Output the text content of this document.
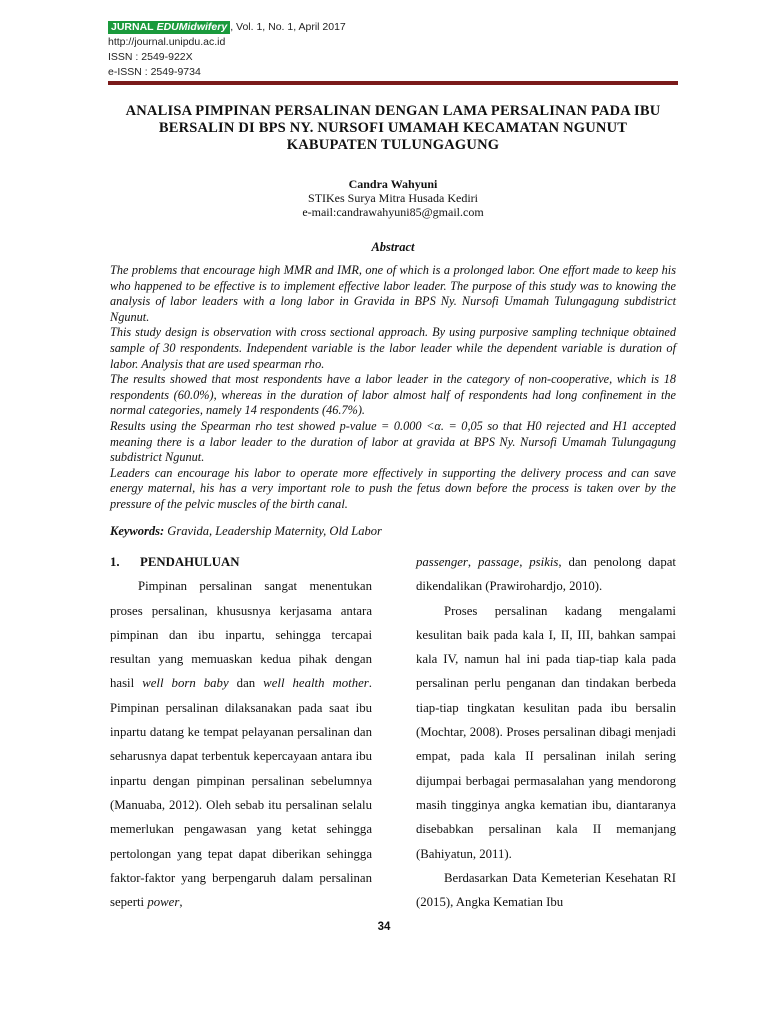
JURNAL EDUMidwifery , Vol. 1, No. 1, April 2017
http://journal.unipdu.ac.id
ISSN : 2549-922X
e-ISSN : 2549-9734
ANALISA PIMPINAN PERSALINAN DENGAN LAMA PERSALINAN PADA IBU
BERSALIN DI BPS NY. NURSOFI UMAMAH KECAMATAN NGUNUT
KABUPATEN TULUNGAGUNG
Candra Wahyuni
STIKes Surya Mitra Husada Kediri
e-mail:candrawahyuni85@gmail.com
Abstract

The problems that encourage high MMR and IMR, one of which is a prolonged labor. One effort made to keep his who happened to be effective is to implement effective labor leader. The purpose of this study was to knowing the analysis of labor leaders with a long labor in Gravida in BPS Ny. Nursofi Umamah Tulungagung subdistrict Ngunut.

This study design is observation with cross sectional approach. By using purposive sampling technique obtained sample of 30 respondents. Independent variable is the labor leader while the dependent variable is duration of labor. Analysis that are used spearman rho.

The results showed that most respondents have a labor leader in the category of non-cooperative, which is 18 respondents (60.0%), whereas in the duration of labor almost half of respondents had long confinement in the normal categories, namely 14 respondents (46.7%).

Results using the Spearman rho test showed p-value = 0.000 <α. = 0,05 so that H0 rejected and H1 accepted meaning there is a labor leader to the duration of labor at gravida at BPS Ny. Nursofi Umamah Tulungagung subdistrict Ngunut.

Leaders can encourage his labor to operate more effectively in supporting the delivery process and can save energy maternal, his has a very important role to push the fetus down before the process is taken over by the pressure of the pelvic muscles of the birth canal.

Keywords: Gravida, Leadership Maternity, Old Labor
1. PENDAHULUAN

Pimpinan persalinan sangat menentukan proses persalinan, khususnya kerjasama antara pimpinan dan ibu inpartu, sehingga tercapai resultan yang memuaskan kedua pihak dengan hasil well born baby dan well health mother. Pimpinan persalinan dilaksanakan pada saat ibu inpartu datang ke tempat pelayanan persalinan dan seharusnya dapat terbentuk kepercayaan antara ibu inpartu dengan pimpinan persalinan sebelumnya (Manuaba, 2012). Oleh sebab itu persalinan selalu memerlukan pengawasan yang ketat sehingga pertolongan yang tepat dapat diberikan sehingga faktor-faktor yang berpengaruh dalam persalinan seperti power,

passenger, passage, psikis, dan penolong dapat dikendalikan (Prawirohardjo, 2010).

Proses persalinan kadang mengalami kesulitan baik pada kala I, II, III, bahkan sampai kala IV, namun hal ini pada tiap-tiap kala pada persalinan perlu penganan dan tindakan berbeda tiap-tiap tingkatan kesulitan pada ibu bersalin (Mochtar, 2008). Proses persalinan dibagi menjadi empat, pada kala II persalinan inilah sering dijumpai berbagai permasalahan yang mendorong masih tingginya angka kematian ibu, diantaranya disebabkan persalinan kala II memanjang (Bahiyatun, 2011).

Berdasarkan Data Kemeterian Kesehatan RI (2015), Angka Kematian Ibu

34
